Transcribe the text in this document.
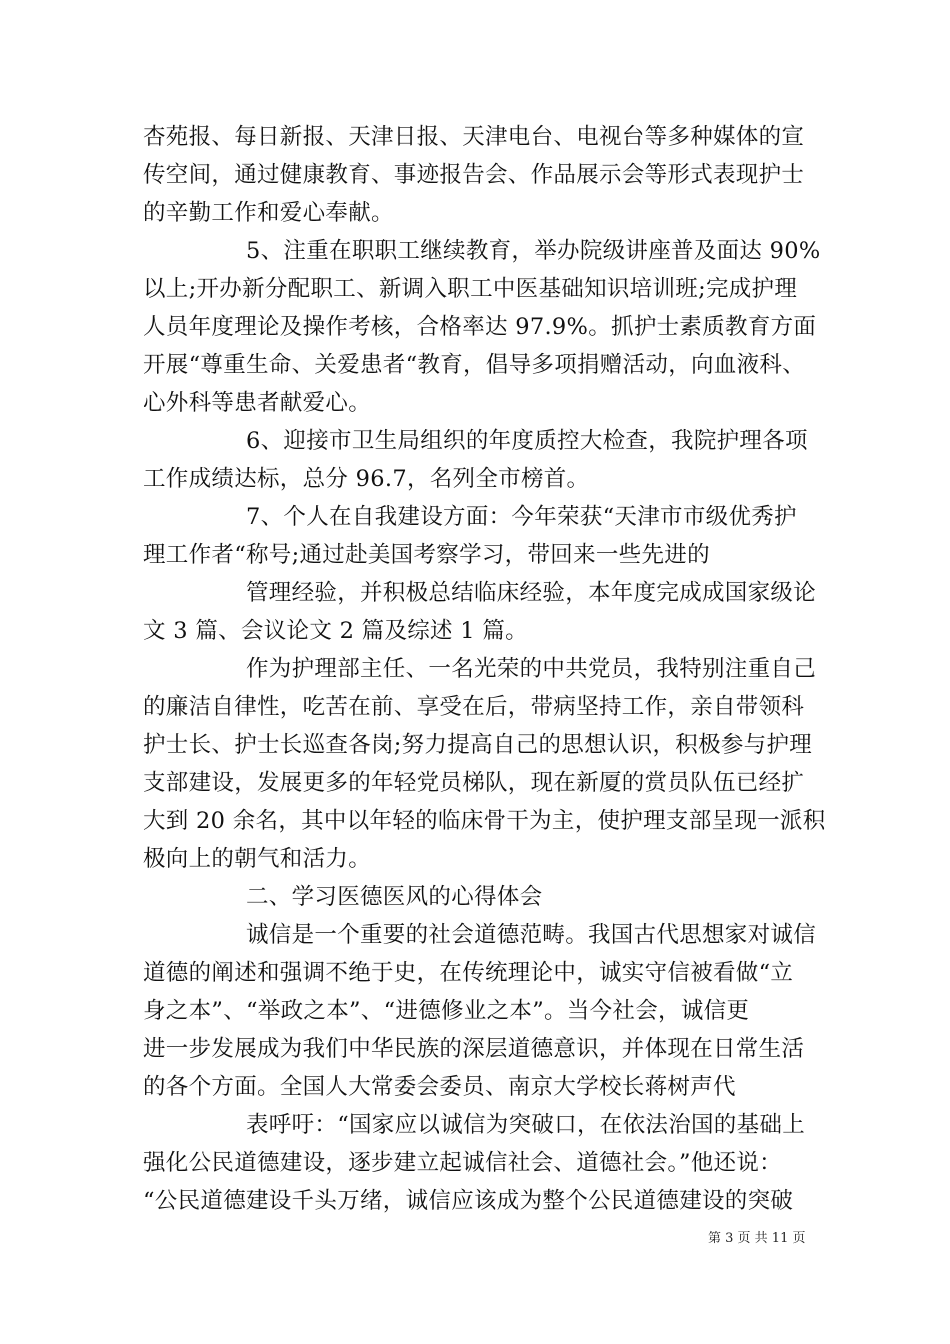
杏苑报、每日新报、天津日报、天津电台、电视台等多种媒体的宣
传空间，通过健康教育、事迹报告会、作品展示会等形式表现护士
的辛勤工作和爱心奉献。
5、注重在职职工继续教育，举办院级讲座普及面达 90%
以上;开办新分配职工、新调入职工中医基础知识培训班;完成护理
人员年度理论及操作考核，合格率达 97.9%。抓护士素质教育方面
开展“尊重生命、关爱患者“教育，倡导多项捐赠活动，向血液科、
心外科等患者献爱心。
6、迎接市卫生局组织的年度质控大检查，我院护理各项
工作成绩达标，总分 96.7，名列全市榜首。
7、个人在自我建设方面：今年荣获“天津市市级优秀护
理工作者“称号;通过赴美国考察学习，带回来一些先进的
管理经验，并积极总结临床经验，本年度完成成国家级论
文 3 篇、会议论文 2 篇及综述 1 篇。
作为护理部主任、一名光荣的中共党员，我特别注重自己
的廉洁自律性，吃苦在前、享受在后，带病坚持工作，亲自带领科
护士长、护士长巡查各岗;努力提高自己的思想认识，积极参与护理
支部建设，发展更多的年轻党员梯队，现在新厦的赏员队伍已经扩
大到 20 余名，其中以年轻的临床骨干为主，使护理支部呈现一派积
极向上的朝气和活力。
二、学习医德医风的心得体会
诚信是一个重要的社会道德范畴。我国古代思想家对诚信
道德的阐述和强调不绝于史，在传统理论中，诚实守信被看做“立
身之本”、“举政之本”、“进德修业之本”。当今社会，诚信更
进一步发展成为我们中华民族的深层道德意识，并体现在日常生活
的各个方面。全国人大常委会委员、南京大学校长蒋树声代
表呼吁：“国家应以诚信为突破口，在依法治国的基础上
强化公民道德建设，逐步建立起诚信社会、道德社会。”他还说：
“公民道德建设千头万绪，诚信应该成为整个公民道德建设的突破
第 3 页 共 11 页
